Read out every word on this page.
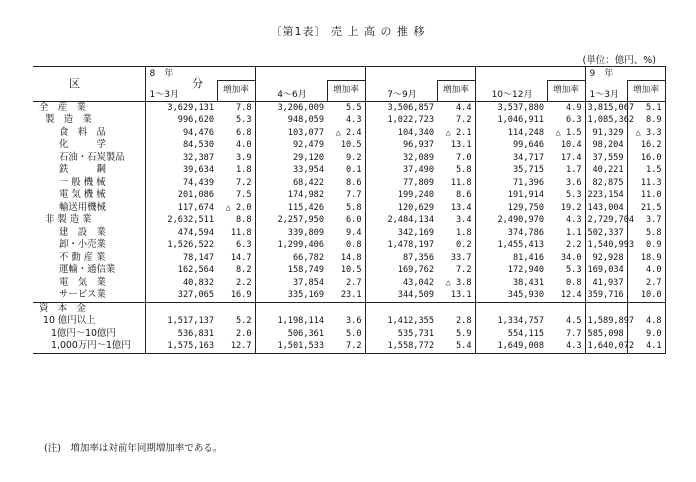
〔第1表〕 売 上 高 の 推 移
(単位：億円、%)
区　　分	8　年								9　年	
	1～3月	増加率	4～6月	増加率	7～9月	増加率	10～12月	増加率	1～3月	増加率
全　産　業	3,629,131	7.8	3,206,009	5.5	3,506,857	4.4	3,537,880	4.9	3,815,067	5.1
製　造　業	996,620	5.3	948,059	4.3	1,022,723	7.2	1,046,911	6.3	1,085,362	8.9
食　料　品	94,476	6.8	103,077	△ 2.4	104,340	△ 2.1	114,248	△ 1.5	91,329	△ 3.3
化　　　学	84,530	4.0	92,479	10.5	96,937	13.1	99,646	10.4	98,204	16.2
石油・石炭製品	32,387	3.9	29,120	9.2	32,089	7.0	34,717	17.4	37,559	16.0
鉄　　　鋼	39,634	1.8	33,954	0.1	37,490	5.8	35,715	1.7	40,221	1.5
一 般 機 械	74,439	7.2	68,422	8.6	77,809	11.8	71,396	3.6	82,875	11.3
電 気 機 械	201,086	7.5	174,982	7.7	199,240	8.6	191,914	5.3	223,154	11.0
輸送用機械	117,674	△ 2.0	115,426	5.8	120,629	13.4	129,750	19.2	143,004	21.5
非 製 造 業	2,632,511	8.8	2,257,950	6.0	2,484,134	3.4	2,490,970	4.3	2,729,704	3.7
建　設　業	474,594	11.8	339,809	9.4	342,169	1.8	374,786	1.1	502,337	5.8
卸・小売業	1,526,522	6.3	1,299,406	0.8	1,478,197	0.2	1,455,413	2.2	1,540,993	0.9
不 動 産 業	78,147	14.7	66,782	14.8	87,356	33.7	81,416	34.0	92,928	18.9
運輸・通信業	162,564	8.2	158,749	10.5	169,762	7.2	172,940	5.3	169,034	4.0
電　気　業	40,832	2.2	37,854	2.7	43,042	△ 3.8	38,431	0.8	41,937	2.7
サービス業	327,065	16.9	335,169	23.1	344,509	13.1	345,930	12.4	359,716	10.0
資　本　金										
10 億円以上	1,517,137	5.2	1,198,114	3.6	1,412,355	2.8	1,334,757	4.5	1,589,897	4.8
1億円～10億円	536,831	2.0	506,361	5.0	535,731	5.9	554,115	7.7	585,098	9.0
1,000万円～1億円	1,575,163	12.7	1,501,533	7.2	1,558,772	5.4	1,649,008	4.3	1,640,072	4.1
(注)　増加率は対前年同期増加率である。
